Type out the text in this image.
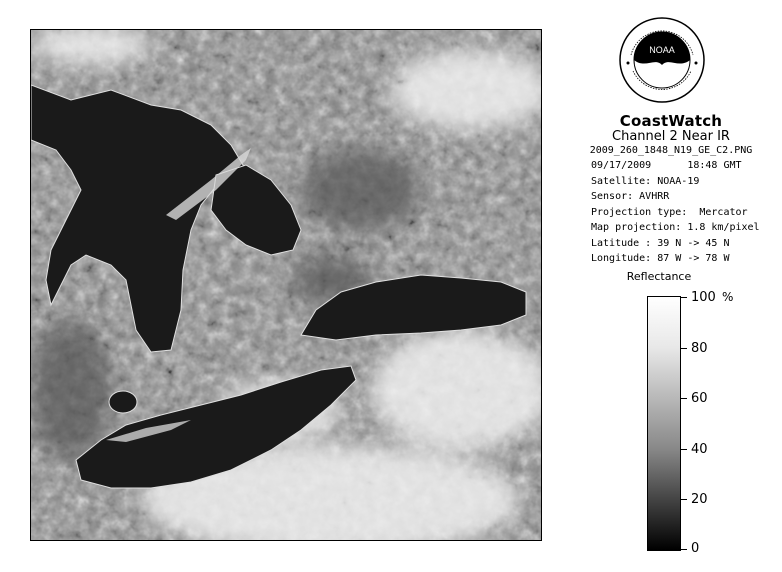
NOAA
CoastWatch
Channel 2 Near IR
2009_260_1848_N19_GE_C2.PNG
09/17/2009	18:48 GMT
Satellite: NOAA-19
Sensor: AVHRR
Projection type:  Mercator
Map projection: 1.8 km/pixel
Latitude : 39 N -> 45 N
Longitude: 87 W -> 78 W
Reflectance
%
100
80
60
40
20
0
